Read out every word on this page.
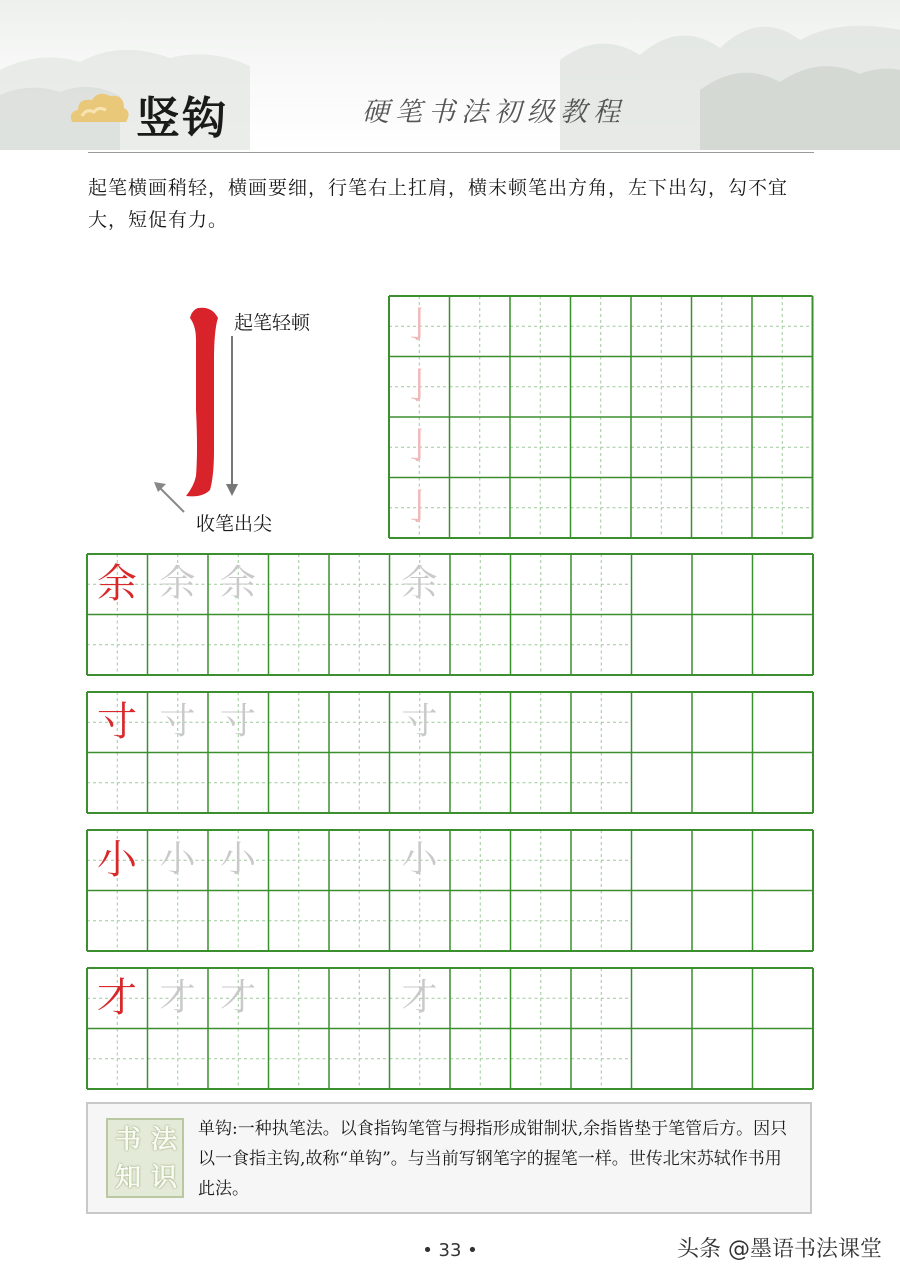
竖钩	硬笔书法初级教程
起笔横画稍轻，横画要细，行笔右上扛肩，横末顿笔出方角，左下出勾，勾不宜大，短促有力。
起笔轻顿
收笔出尖
亅
亅
亅
亅
余 余 余	余
寸 寸 寸	寸
小 小 小	小
才 才 才	才
书 法
知 识
单钩:一种执笔法。以食指钩笔管与拇指形成钳制状,余指皆垫于笔管后方。因只以一食指主钩,故称“单钩”。与当前写钢笔字的握笔一样。世传北宋苏轼作书用此法。
• 33 •	头条 @墨语书法课堂
